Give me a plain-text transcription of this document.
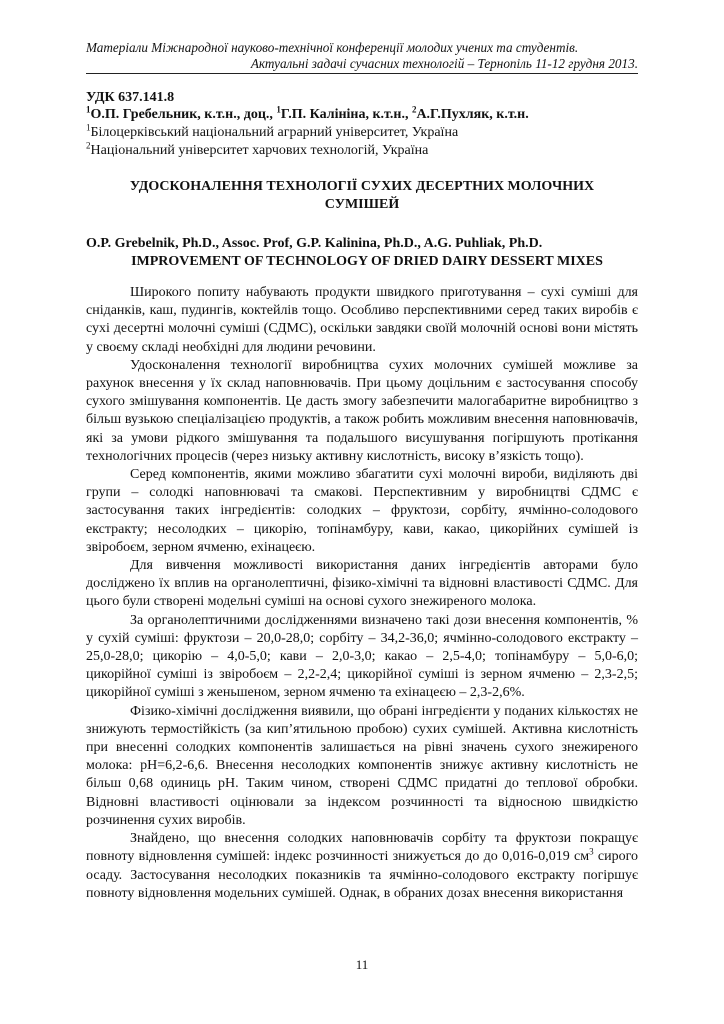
Матеріали Міжнародної науково-технічної конференції молодих учених та студентів.
Актуальні задачі сучасних технологій – Тернопіль 11-12 грудня 2013.
УДК 637.141.8
$^1$О.П. Гребельник, к.т.н., доц., $^1$Г.П. Калініна, к.т.н., $^2$А.Г.Пухляк, к.т.н.
$^1$Білоцерківський національний аграрний університет, Україна
$^2$Національний університет харчових технологій, Україна
УДОСКОНАЛЕННЯ ТЕХНОЛОГІЇ СУХИХ ДЕСЕРТНИХ МОЛОЧНИХ СУМІШЕЙ
O.P. Grebelnik, Ph.D., Assoc. Prof, G.P. Kalinina, Ph.D., A.G. Puhliak, Ph.D.
IMPROVEMENT OF TECHNOLOGY OF DRIED DAIRY DESSERT MIXES

Широкого попиту набувають продукти швидкого приготування – сухі суміші для сніданків, каш, пудингів, коктейлів тощо. Особливо перспективними серед таких виробів є сухі десертні молочні суміші (СДМС), оскільки завдяки своїй молочній основі вони містять у своєму складі необхідні для людини речовини.

Удосконалення технології виробництва сухих молочних сумішей можливе за рахунок внесення у їх склад наповнювачів. При цьому доцільним є застосування способу сухого змішування компонентів. Це дасть змогу забезпечити малогабаритне виробництво з більш вузькою спеціалізацією продуктів, а також робить можливим внесення наповнювачів, які за умови рідкого змішування та подальшого висушування погіршують протікання технологічних процесів (через низьку активну кислотність, високу в’язкість тощо).

Серед компонентів, якими можливо збагатити сухі молочні вироби, виділяють дві групи – солодкі наповнювачі та смакові. Перспективним у виробництві СДМС є застосування таких інгредієнтів: солодких – фруктози, сорбіту, ячмінно-солодового екстракту; несолодких – цикорію, топінамбуру, кави, какао, цикорійних сумішей із звіробоєм, зерном ячменю, ехінацеєю.

Для вивчення можливості використання даних інгредієнтів авторами було досліджено їх вплив на органолептичні, фізико-хімічні та відновні властивості СДМС. Для цього були створені модельні суміші на основі сухого знежиреного молока.

За органолептичними дослідженнями визначено такі дози внесення компонентів, % у сухій суміші: фруктози – 20,0-28,0; сорбіту – 34,2-36,0; ячмінно-солодового екстракту – 25,0-28,0; цикорію – 4,0-5,0; кави – 2,0-3,0; какао – 2,5-4,0; топінамбуру – 5,0-6,0; цикорійної суміші із звіробоєм – 2,2-2,4; цикорійної суміші із зерном ячменю – 2,3-2,5; цикорійної суміші з женьшеном, зерном ячменю та ехінацеєю – 2,3-2,6%.

Фізико-хімічні дослідження виявили, що обрані інгредієнти у поданих кількостях не знижують термостійкість (за кип’ятильною пробою) сухих сумішей. Активна кислотність при внесенні солодких компонентів залишається на рівні значень сухого знежиреного молока: pH=6,2-6,6. Внесення несолодких компонентів знижує активну кислотність не більш 0,68 одиниць pH. Таким чином, створені СДМС придатні до теплової обробки. Відновні властивості оцінювали за індексом розчинності та відносною швидкістю розчинення сухих виробів.

Знайдено, що внесення солодких наповнювачів сорбіту та фруктози покращує повноту відновлення сумішей: індекс розчинності знижується до до 0,016-0,019 $см^3$ сирого осаду. Застосування несолодких показників та ячмінно-солодового екстракту погіршує повноту відновлення модельних сумішей. Однак, в обраних дозах внесення використання

11
